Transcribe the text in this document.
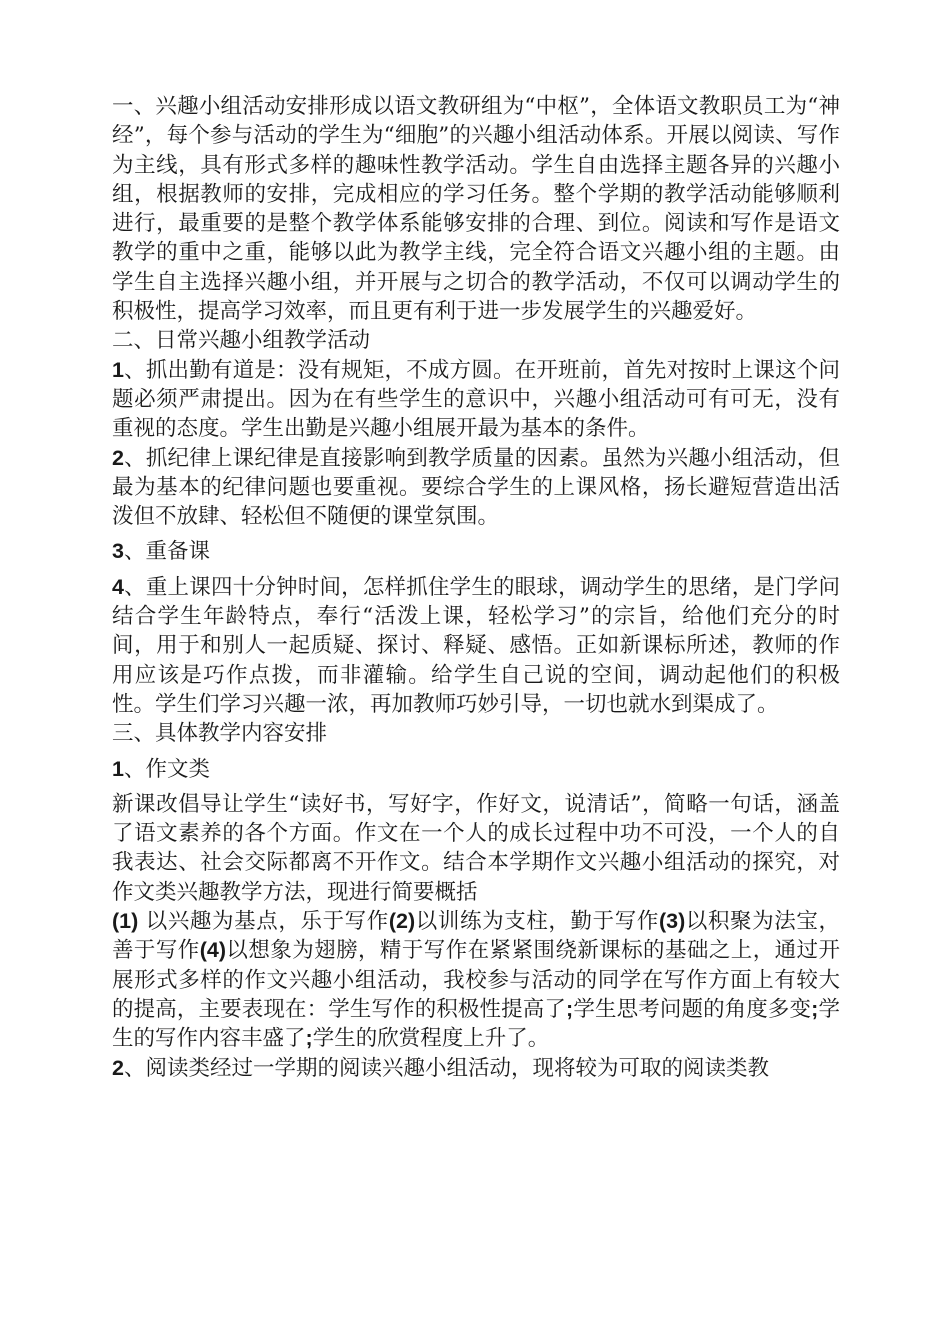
一、兴趣小组活动安排形成以语文教研组为“中枢”，全体语文教职员工为“神经”，每个参与活动的学生为“细胞”的兴趣小组活动体系。开展以阅读、写作为主线，具有形式多样的趣味性教学活动。学生自由选择主题各异的兴趣小组，根据教师的安排，完成相应的学习任务。整个学期的教学活动能够顺利进行，最重要的是整个教学体系能够安排的合理、到位。阅读和写作是语文教学的重中之重，能够以此为教学主线，完全符合语文兴趣小组的主题。由学生自主选择兴趣小组，并开展与之切合的教学活动，不仅可以调动学生的积极性，提高学习效率，而且更有利于进一步发展学生的兴趣爱好。

二、日常兴趣小组教学活动

1、抓出勤有道是：没有规矩，不成方圆。在开班前，首先对按时上课这个问题必须严肃提出。因为在有些学生的意识中，兴趣小组活动可有可无，没有重视的态度。学生出勤是兴趣小组展开最为基本的条件。

2、抓纪律上课纪律是直接影响到教学质量的因素。虽然为兴趣小组活动，但最为基本的纪律问题也要重视。要综合学生的上课风格，扬长避短营造出活泼但不放肆、轻松但不随便的课堂氛围。

3、重备课

4、重上课四十分钟时间，怎样抓住学生的眼球，调动学生的思绪，是门学问结合学生年龄特点，奉行“活泼上课，轻松学习”的宗旨，给他们充分的时间，用于和别人一起质疑、探讨、释疑、感悟。正如新课标所述，教师的作用应该是巧作点拨，而非灌输。给学生自己说的空间，调动起他们的积极性。学生们学习兴趣一浓，再加教师巧妙引导，一切也就水到渠成了。

三、具体教学内容安排

1、作文类

新课改倡导让学生“读好书，写好字，作好文，说清话”，简略一句话，涵盖了语文素养的各个方面。作文在一个人的成长过程中功不可没，一个人的自我表达、社会交际都离不开作文。结合本学期作文兴趣小组活动的探究，对作文类兴趣教学方法，现进行简要概括

(1) 以兴趣为基点，乐于写作(2)以训练为支柱，勤于写作(3)以积聚为法宝，善于写作(4)以想象为翅膀，精于写作在紧紧围绕新课标的基础之上，通过开展形式多样的作文兴趣小组活动，我校参与活动的同学在写作方面上有较大的提高，主要表现在：学生写作的积极性提高了;学生思考问题的角度多变;学生的写作内容丰盛了;学生的欣赏程度上升了。

2、阅读类经过一学期的阅读兴趣小组活动，现将较为可取的阅读类教
